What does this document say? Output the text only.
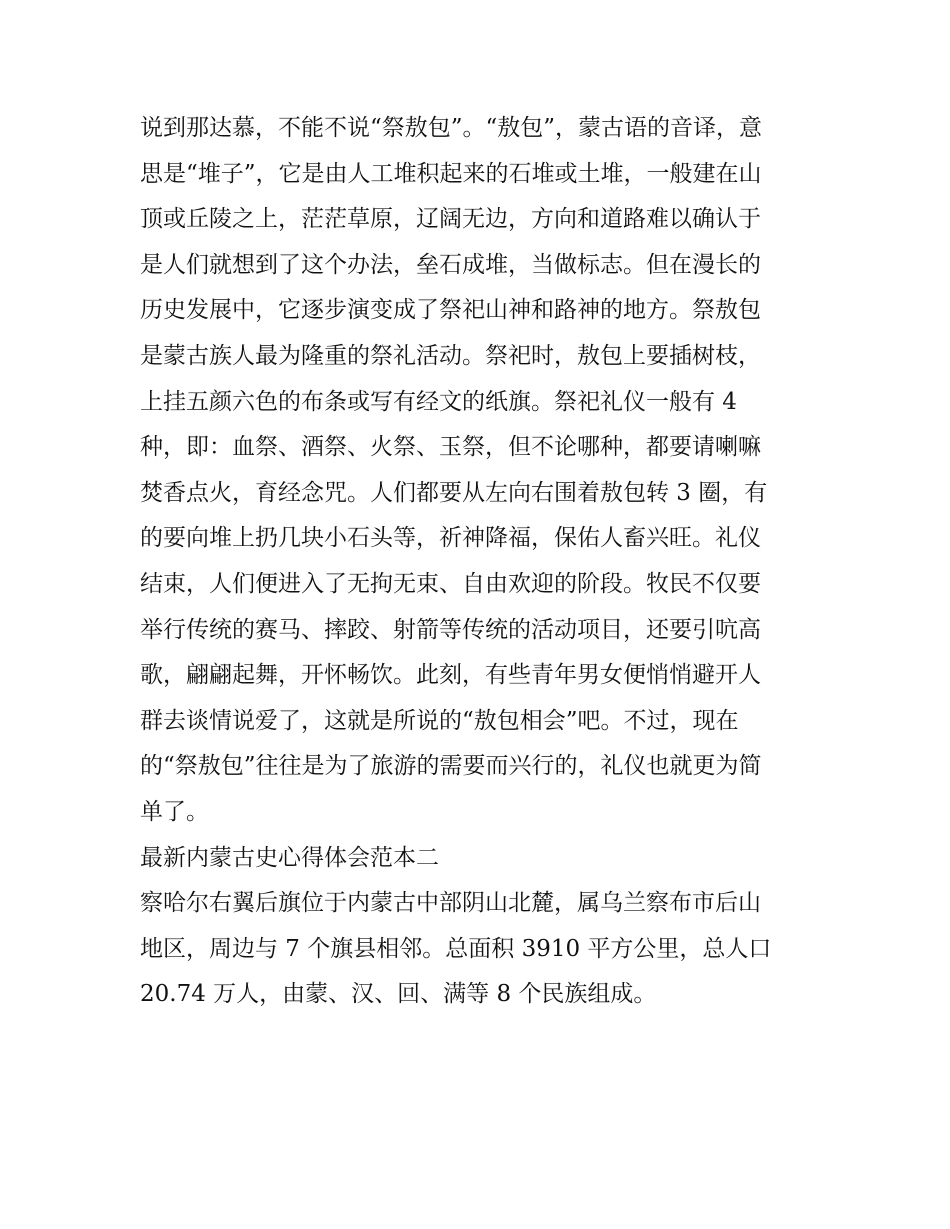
说到那达慕，不能不说“祭敖包”。“敖包”，蒙古语的音译，意
思是“堆子”，它是由人工堆积起来的石堆或土堆，一般建在山
顶或丘陵之上，茫茫草原，辽阔无边，方向和道路难以确认于
是人们就想到了这个办法，垒石成堆，当做标志。但在漫长的
历史发展中，它逐步演变成了祭祀山神和路神的地方。祭敖包
是蒙古族人最为隆重的祭礼活动。祭祀时，敖包上要插树枝，
上挂五颜六色的布条或写有经文的纸旗。祭祀礼仪一般有 4
种，即：血祭、酒祭、火祭、玉祭，但不论哪种，都要请喇嘛
焚香点火，育经念咒。人们都要从左向右围着敖包转 3 圈，有
的要向堆上扔几块小石头等，祈神降福，保佑人畜兴旺。礼仪
结束，人们便进入了无拘无束、自由欢迎的阶段。牧民不仅要
举行传统的赛马、摔跤、射箭等传统的活动项目，还要引吭高
歌，翩翩起舞，开怀畅饮。此刻，有些青年男女便悄悄避开人
群去谈情说爱了，这就是所说的“敖包相会”吧。不过，现在
的“祭敖包”往往是为了旅游的需要而兴行的，礼仪也就更为简
单了。
最新内蒙古史心得体会范本二
察哈尔右翼后旗位于内蒙古中部阴山北麓，属乌兰察布市后山
地区，周边与 7 个旗县相邻。总面积 3910 平方公里，总人口
20.74 万人，由蒙、汉、回、满等 8 个民族组成。
